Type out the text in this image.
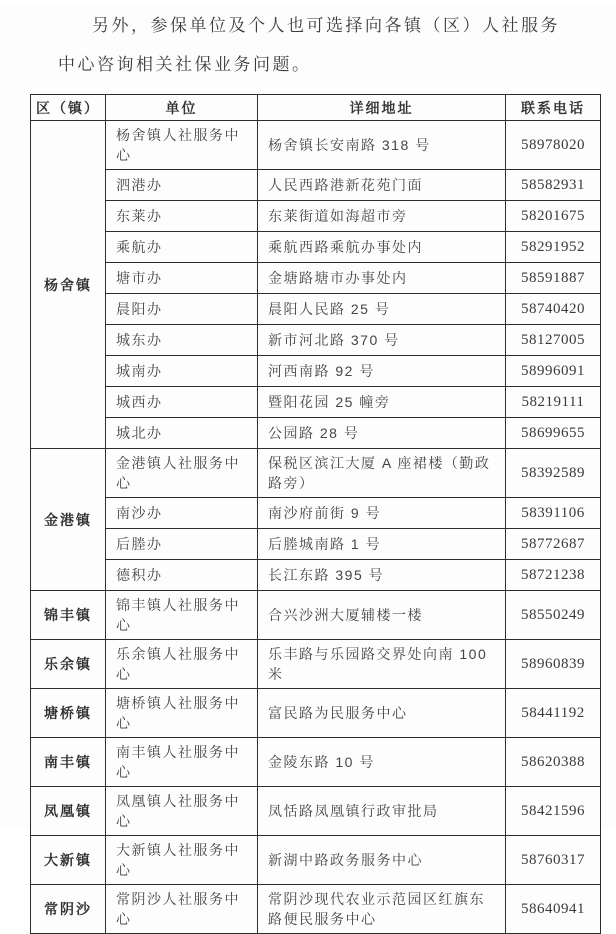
另外，参保单位及个人也可选择向各镇（区）人社服务中心咨询相关社保业务问题。

区（镇）	单位	详细地址	联系电话
杨舍镇	杨舍镇人社服务中心	杨舍镇长安南路 318 号	58978020
	泗港办	人民西路港新花苑门面	58582931
	东莱办	东莱街道如海超市旁	58201675
	乘航办	乘航西路乘航办事处内	58291952
	塘市办	金塘路塘市办事处内	58591887
	晨阳办	晨阳人民路 25 号	58740420
	城东办	新市河北路 370 号	58127005
	城南办	河西南路 92 号	58996091
	城西办	暨阳花园 25 幢旁	58219111
	城北办	公园路 28 号	58699655
金港镇	金港镇人社服务中心	保税区滨江大厦 A 座裙楼（勤政路旁）	58392589
	南沙办	南沙府前街 9 号	58391106
	后塍办	后塍城南路 1 号	58772687
	德积办	长江东路 395 号	58721238
锦丰镇	锦丰镇人社服务中心	合兴沙洲大厦辅楼一楼	58550249
乐余镇	乐余镇人社服务中心	乐丰路与乐园路交界处向南 100 米	58960839
塘桥镇	塘桥镇人社服务中心	富民路为民服务中心	58441192
南丰镇	南丰镇人社服务中心	金陵东路 10 号	58620388
凤凰镇	凤凰镇人社服务中心	凤恬路凤凰镇行政审批局	58421596
大新镇	大新镇人社服务中心	新湖中路政务服务中心	58760317
常阴沙	常阴沙人社服务中心	常阴沙现代农业示范园区红旗东路便民服务中心	58640941
